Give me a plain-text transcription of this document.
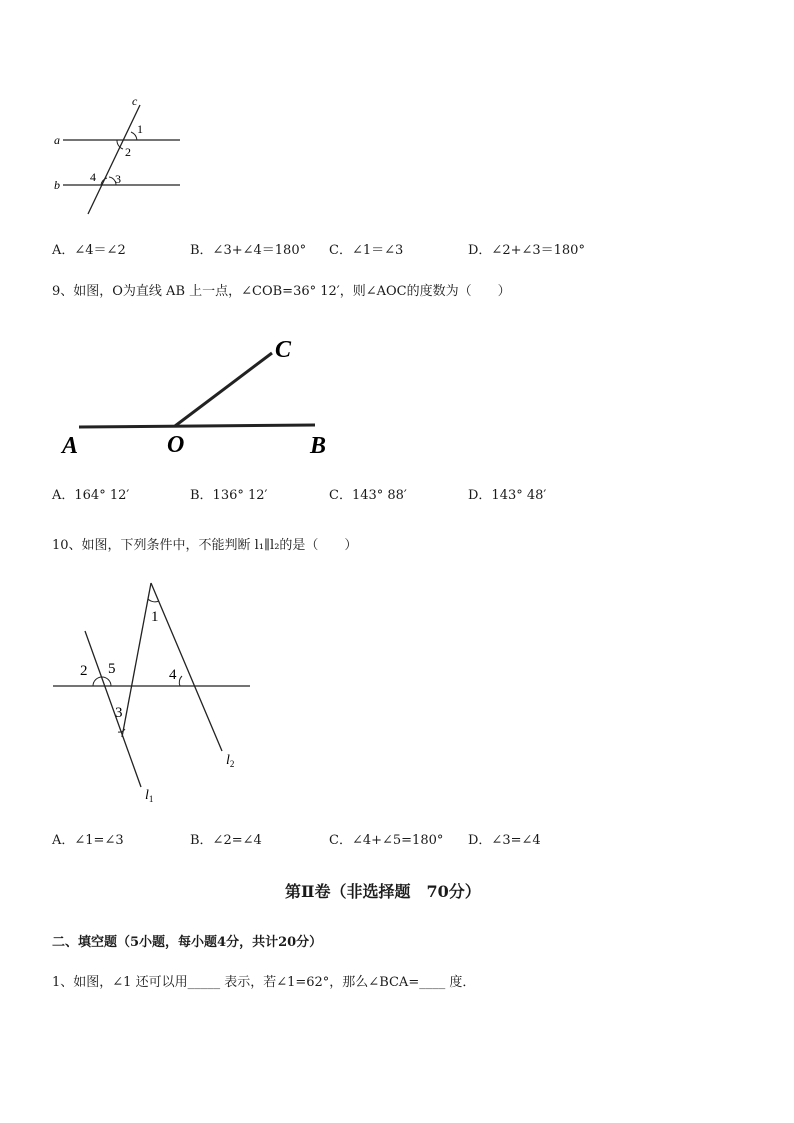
c
a
b
1
2
4 3
A．∠4＝∠2	B．∠3+∠4＝180° C．∠1＝∠3	D．∠2+∠3＝180°
9、如图，O为直线 AB 上一点，∠COB=36° 12′，则∠AOC的度数为（　　）
C
A	O	B
A．164° 12′	B．136° 12′	C．143° 88′	D．143° 48′
10、如图，下列条件中，不能判断 l₁∥l₂的是（　　）
1
2 5
3
4
$l_2$
$l_1$
A．∠1=∠3	B．∠2=∠4	C．∠4+∠5=180° D．∠3=∠4
第Ⅱ卷（非选择题　70分）
二、填空题（5小题，每小题4分，共计20分）
1、如图，∠1 还可以用_____ 表示，若∠1=62°，那么∠BCA=____ 度．
